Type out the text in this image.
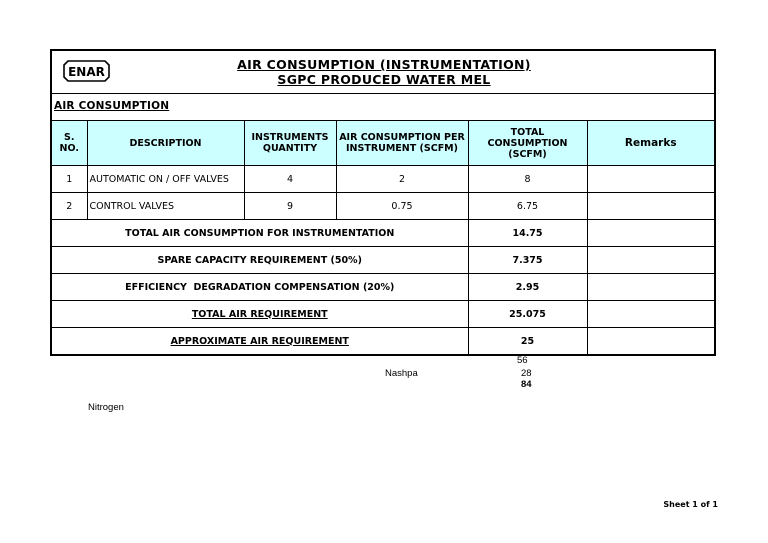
ENAR	AIR CONSUMPTION (INSTRUMENTATION)
SGPC PRODUCED WATER MEL
AIR CONSUMPTION
S. NO.	DESCRIPTION	INSTRUMENTS QUANTITY	AIR CONSUMPTION PER INSTRUMENT (SCFM)	TOTAL CONSUMPTION (SCFM)	Remarks
1	AUTOMATIC ON / OFF VALVES	4	2	8	
2	CONTROL VALVES	9	0.75	6.75	
TOTAL AIR CONSUMPTION FOR INSTRUMENTATION				14.75	
SPARE CAPACITY REQUIREMENT (50%)				7.375	
EFFICIENCY  DEGRADATION COMPENSATION (20%)				2.95	
TOTAL AIR REQUIREMENT				25.075	
APPROXIMATE AIR REQUIREMENT				25	
56
Nashpa	28
84
Nitrogen
Sheet 1 of 1
